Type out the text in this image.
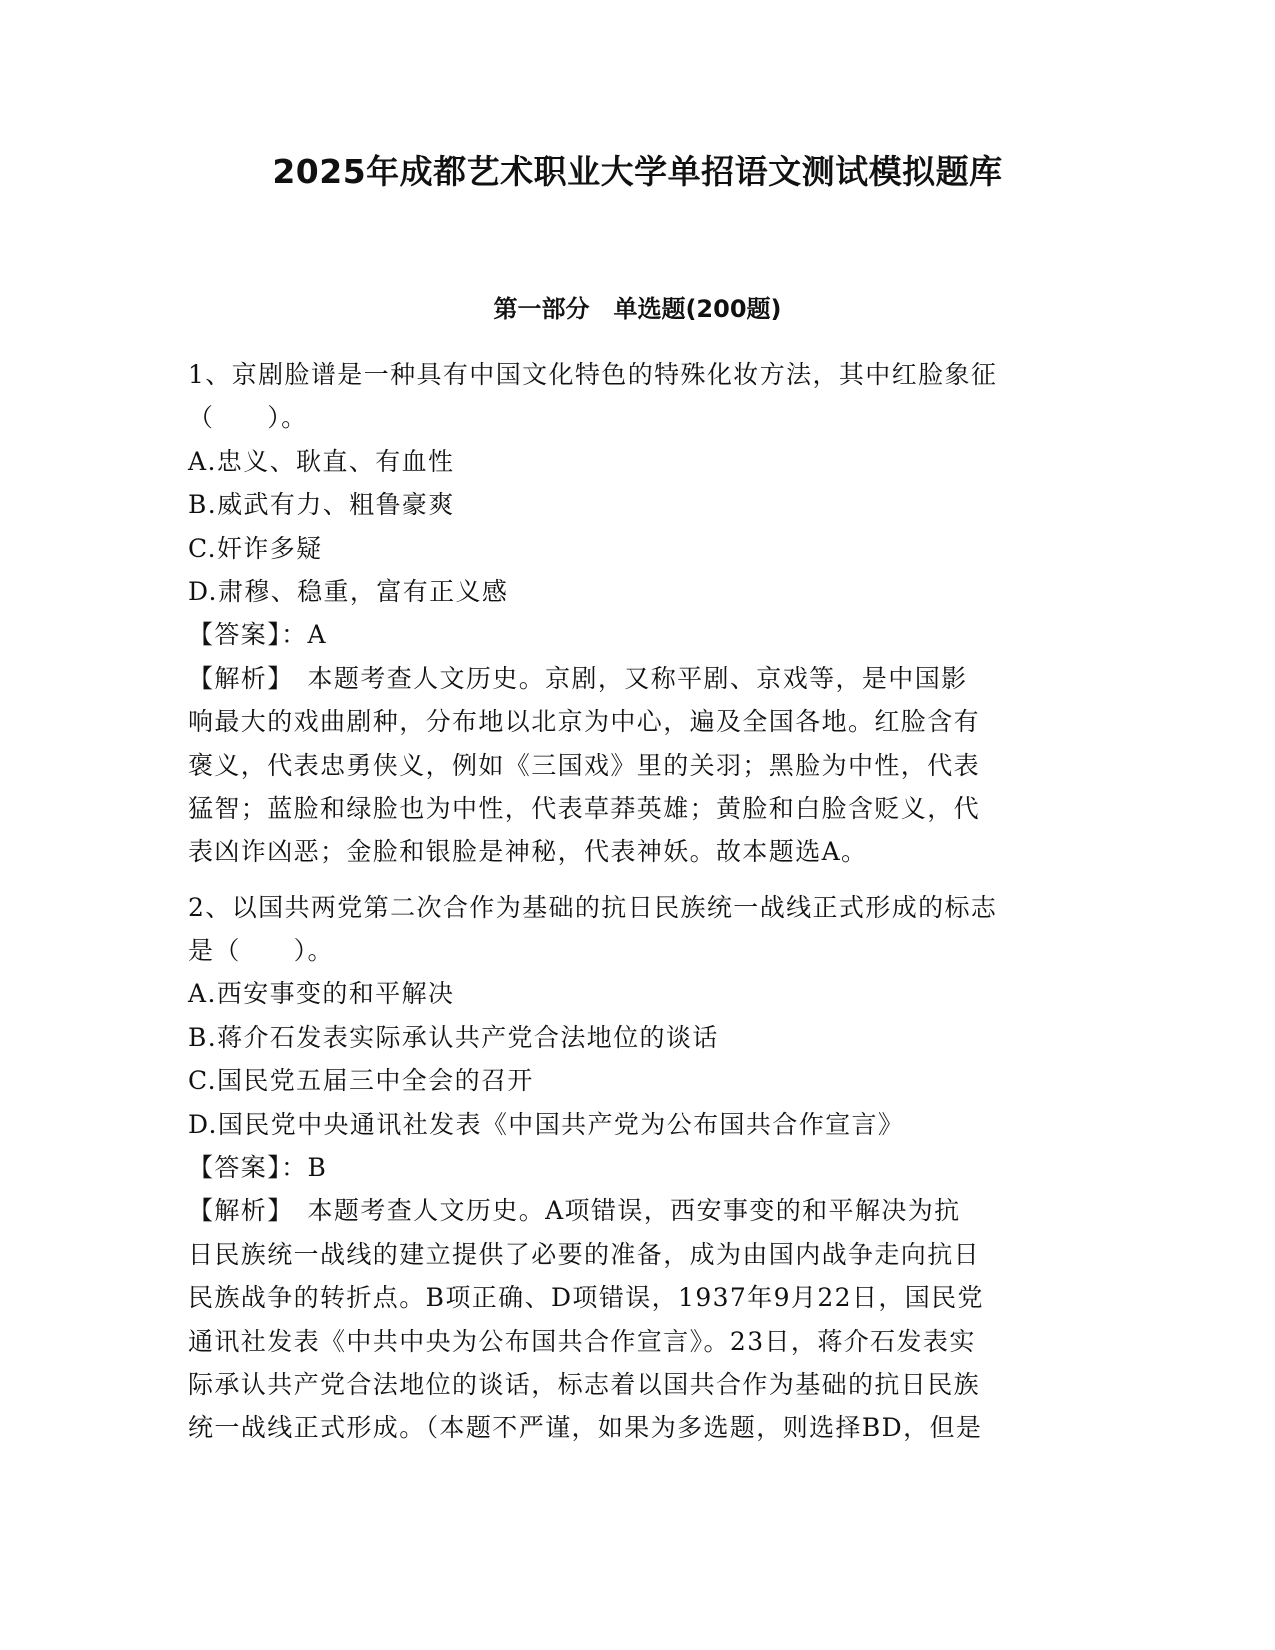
2025年成都艺术职业大学单招语文测试模拟题库
第一部分　单选题(200题)
1、京剧脸谱是一种具有中国文化特色的特殊化妆方法，其中红脸象征
（　　）。
A.忠义、耿直、有血性
B.威武有力、粗鲁豪爽
C.奸诈多疑
D.肃穆、稳重，富有正义感
【答案】：A
【解析】　本题考查人文历史。京剧，又称平剧、京戏等，是中国影
响最大的戏曲剧种，分布地以北京为中心，遍及全国各地。红脸含有
褒义，代表忠勇侠义，例如《三国戏》里的关羽；黑脸为中性，代表
猛智；蓝脸和绿脸也为中性，代表草莽英雄；黄脸和白脸含贬义，代
表凶诈凶恶；金脸和银脸是神秘，代表神妖。故本题选A。
2、以国共两党第二次合作为基础的抗日民族统一战线正式形成的标志
是（　　）。
A.西安事变的和平解决
B.蒋介石发表实际承认共产党合法地位的谈话
C.国民党五届三中全会的召开
D.国民党中央通讯社发表《中国共产党为公布国共合作宣言》
【答案】：B
【解析】　本题考查人文历史。A项错误，西安事变的和平解决为抗
日民族统一战线的建立提供了必要的准备，成为由国内战争走向抗日
民族战争的转折点。B项正确、D项错误，1937年9月22日，国民党
通讯社发表《中共中央为公布国共合作宣言》。23日，蒋介石发表实
际承认共产党合法地位的谈话，标志着以国共合作为基础的抗日民族
统一战线正式形成。（本题不严谨，如果为多选题，则选择BD，但是
